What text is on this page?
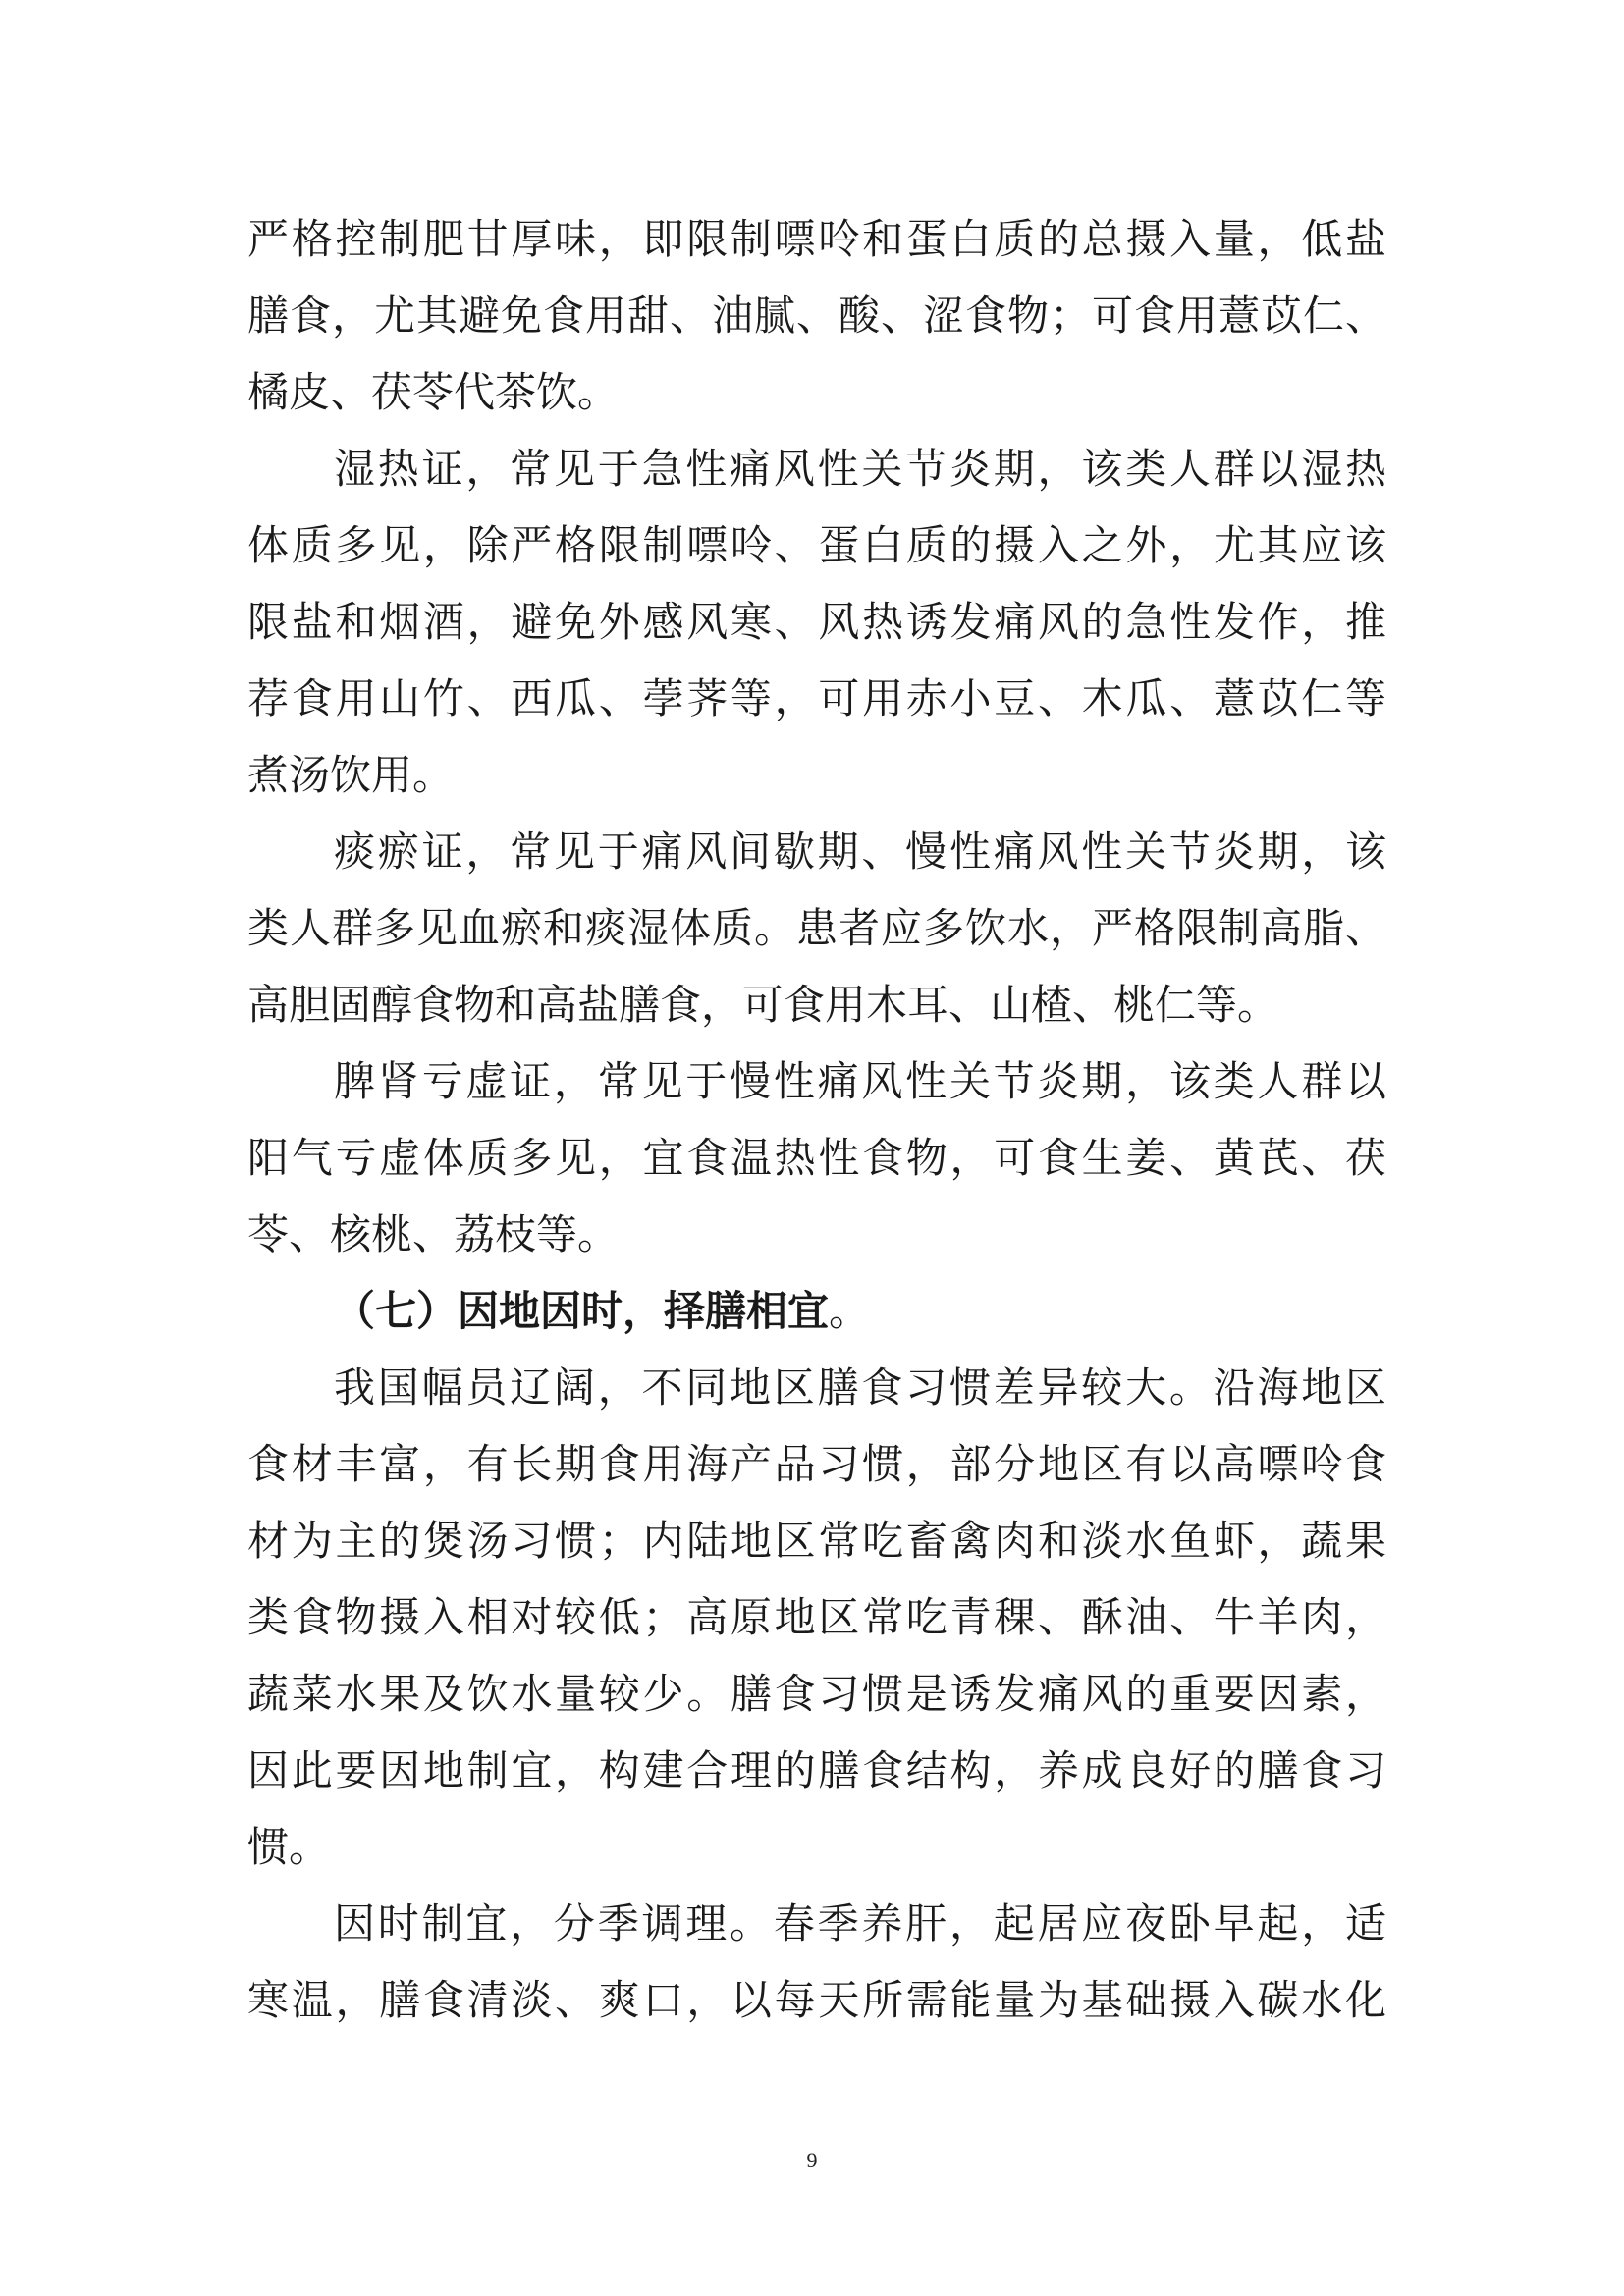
严格控制肥甘厚味，即限制嘌呤和蛋白质的总摄入量，低盐
膳食，尤其避免食用甜、油腻、酸、涩食物；可食用薏苡仁、
橘皮、茯苓代茶饮。
湿热证，常见于急性痛风性关节炎期，该类人群以湿热
体质多见，除严格限制嘌呤、蛋白质的摄入之外，尤其应该
限盐和烟酒，避免外感风寒、风热诱发痛风的急性发作，推
荐食用山竹、西瓜、荸荠等，可用赤小豆、木瓜、薏苡仁等
煮汤饮用。
痰瘀证，常见于痛风间歇期、慢性痛风性关节炎期，该
类人群多见血瘀和痰湿体质。患者应多饮水，严格限制高脂、
高胆固醇食物和高盐膳食，可食用木耳、山楂、桃仁等。
脾肾亏虚证，常见于慢性痛风性关节炎期，该类人群以
阳气亏虚体质多见，宜食温热性食物，可食生姜、黄芪、茯
苓、核桃、荔枝等。
（七）因地因时，择膳相宜。
我国幅员辽阔，不同地区膳食习惯差异较大。沿海地区
食材丰富，有长期食用海产品习惯，部分地区有以高嘌呤食
材为主的煲汤习惯；内陆地区常吃畜禽肉和淡水鱼虾，蔬果
类食物摄入相对较低；高原地区常吃青稞、酥油、牛羊肉，
蔬菜水果及饮水量较少。膳食习惯是诱发痛风的重要因素，
因此要因地制宜，构建合理的膳食结构，养成良好的膳食习
惯。
因时制宜，分季调理。春季养肝，起居应夜卧早起，适
寒温，膳食清淡、爽口，以每天所需能量为基础摄入碳水化
9
